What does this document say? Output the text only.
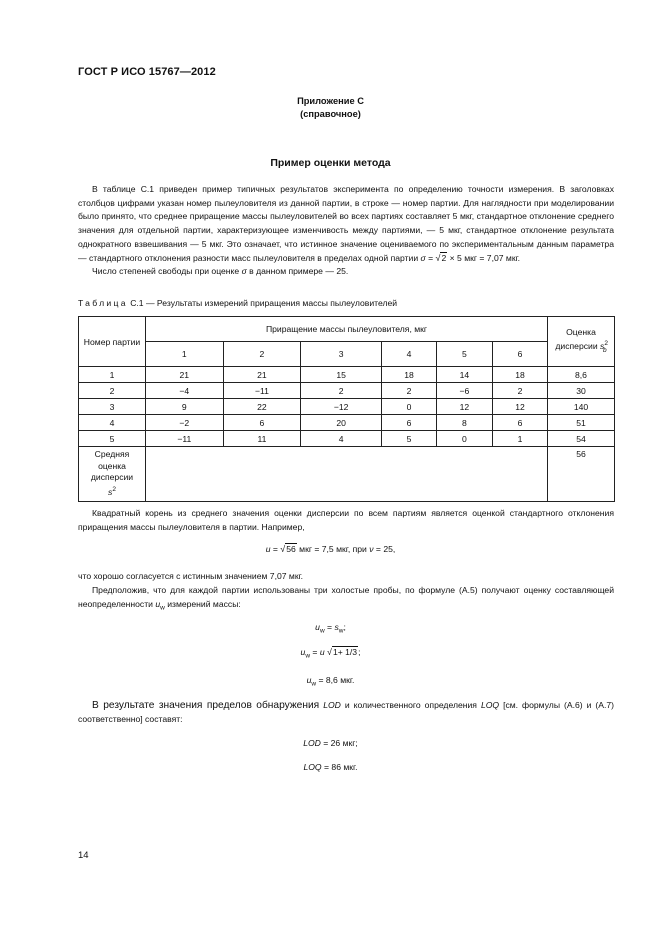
ГОСТ Р ИСО 15767—2012
Приложение С
(справочное)
Пример оценки метода

В таблице С.1 приведен пример типичных результатов эксперимента по определению точности измерения. В заголовках столбцов цифрами указан номер пылеуловителя из данной партии, в строке — номер партии. Для наглядности при моделировании было принято, что среднее приращение массы пылеуловителей во всех партиях составляет 5 мкг, стандартное отклонение среднего значения для отдельной партии, характеризующее изменчивость между партиями, — 5 мкг, стандартное отклонение результата однократного взвешивания — 5 мкг. Это означает, что истинное значение оцениваемого по экспериментальным данным параметра — стандартного отклонения разности масс пылеуловителя в пределах одной партии σ = √2 × 5 мкг = 7,07 мкг.

Число степеней свободы при оценке σ в данном примере — 25.

Таблица С.1 — Результаты измерений приращения массы пылеуловителей
Номер партии	Приращение массы пылеуловителя, мкг						Оценка дисперсии $s^2_b$
	1	2	3	4	5	6	
1	21	21	15	18	14	18	8,6
2	−4	−11	2	2	−6	2	30
3	9	22	−12	0	12	12	140
4	−2	6	20	6	8	6	51
5	−11	11	4	5	0	1	54

Средняя
оценка
дисперсии
$s^2$							56

Квадратный корень из среднего значения оценки дисперсии по всем партиям является оценкой стандартного отклонения приращения массы пылеуловителя в партии. Например,

u = √56 мкг = 7,5 мкг, при ν = 25,

что хорошо согласуется с истинным значением 7,07 мкг.

Предположив, что для каждой партии использованы три холостые пробы, по формуле (А.5) получают оценку составляющей неопределенности $u_w$ измерений массы:

$u_w = s_w$;
$u_w = u$ √1+ 1/3;
$u_w = 8,6$ мкг.

В результате значения пределов обнаружения LOD и количественного определения LOQ [см. формулы (А.6) и (А.7) соответственно] составят:

LOD = 26 мкг;
LOQ = 86 мкг.
14
